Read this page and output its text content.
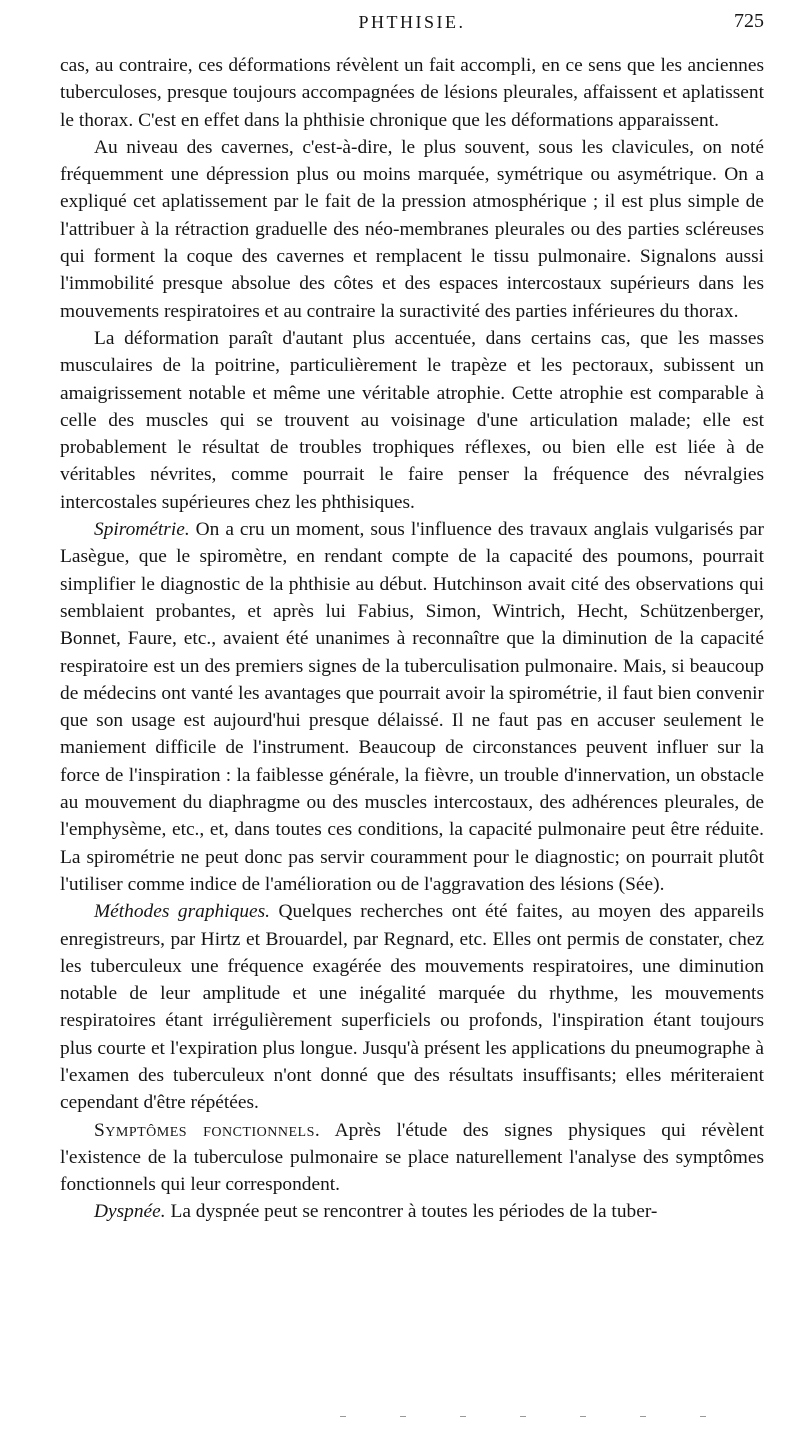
PHTHISIE.	725

cas, au contraire, ces déformations révèlent un fait accompli, en ce sens que les anciennes tuberculoses, presque toujours accompagnées de lésions pleurales, affaissent et aplatissent le thorax. C'est en effet dans la phthisie chronique que les déformations apparaissent.

Au niveau des cavernes, c'est-à-dire, le plus souvent, sous les clavicules, on noté fréquemment une dépression plus ou moins marquée, symétrique ou asymétrique. On a expliqué cet aplatissement par le fait de la pression atmosphérique ; il est plus simple de l'attribuer à la rétraction graduelle des néo-membranes pleurales ou des parties scléreuses qui forment la coque des cavernes et remplacent le tissu pulmonaire. Signalons aussi l'immobilité presque absolue des côtes et des espaces intercostaux supérieurs dans les mouvements respiratoires et au contraire la suractivité des parties inférieures du thorax.

La déformation paraît d'autant plus accentuée, dans certains cas, que les masses musculaires de la poitrine, particulièrement le trapèze et les pectoraux, subissent un amaigrissement notable et même une véritable atrophie. Cette atrophie est comparable à celle des muscles qui se trouvent au voisinage d'une articulation malade; elle est probablement le résultat de troubles trophiques réflexes, ou bien elle est liée à de véritables névrites, comme pourrait le faire penser la fréquence des névralgies intercostales supérieures chez les phthisiques.

Spirométrie. On a cru un moment, sous l'influence des travaux anglais vulgarisés par Lasègue, que le spiromètre, en rendant compte de la capacité des poumons, pourrait simplifier le diagnostic de la phthisie au début. Hutchinson avait cité des observations qui semblaient probantes, et après lui Fabius, Simon, Wintrich, Hecht, Schützenberger, Bonnet, Faure, etc., avaient été unanimes à reconnaître que la diminution de la capacité respiratoire est un des premiers signes de la tuberculisation pulmonaire. Mais, si beaucoup de médecins ont vanté les avantages que pourrait avoir la spirométrie, il faut bien convenir que son usage est aujourd'hui presque délaissé. Il ne faut pas en accuser seulement le maniement difficile de l'instrument. Beaucoup de circonstances peuvent influer sur la force de l'inspiration : la faiblesse générale, la fièvre, un trouble d'innervation, un obstacle au mouvement du diaphragme ou des muscles intercostaux, des adhérences pleurales, de l'emphysème, etc., et, dans toutes ces conditions, la capacité pulmonaire peut être réduite. La spirométrie ne peut donc pas servir couramment pour le diagnostic; on pourrait plutôt l'utiliser comme indice de l'amélioration ou de l'aggravation des lésions (Sée).

Méthodes graphiques. Quelques recherches ont été faites, au moyen des appareils enregistreurs, par Hirtz et Brouardel, par Regnard, etc. Elles ont permis de constater, chez les tuberculeux une fréquence exagérée des mouvements respiratoires, une diminution notable de leur amplitude et une inégalité marquée du rhythme, les mouvements respiratoires étant irrégulièrement superficiels ou profonds, l'inspiration étant toujours plus courte et l'expiration plus longue. Jusqu'à présent les applications du pneumographe à l'examen des tuberculeux n'ont donné que des résultats insuffisants; elles mériteraient cependant d'être répétées.

Symptômes fonctionnels. Après l'étude des signes physiques qui révèlent l'existence de la tuberculose pulmonaire se place naturellement l'analyse des symptômes fonctionnels qui leur correspondent.

Dyspnée. La dyspnée peut se rencontrer à toutes les périodes de la tuber-
